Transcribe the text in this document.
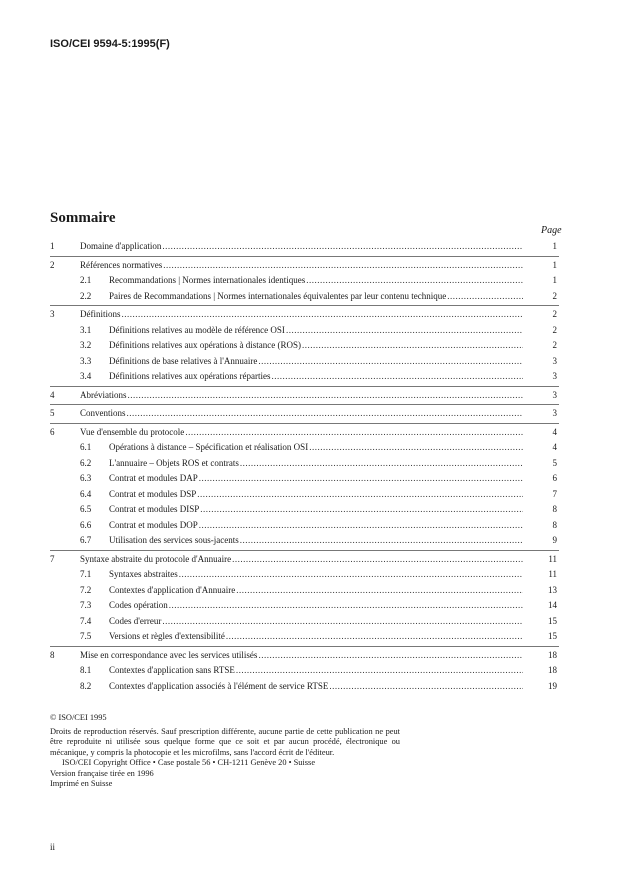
ISO/CEI 9594-5:1995(F)
Sommaire
Page
1	Domaine d'application .....	1
2	Références normatives .....	1
2.1 Recommandations | Normes internationales identiques .....	1
2.2 Paires de Recommandations | Normes internationales équivalentes par leur contenu technique .....	2
3	Définitions .....	2
3.1 Définitions relatives au modèle de référence OSI .....	2
3.2 Définitions relatives aux opérations à distance (ROS) .....	2
3.3 Définitions de base relatives à l'Annuaire .....	3
3.4 Définitions relatives aux opérations réparties .....	3
4	Abréviations .....	3
5	Conventions .....	3
6	Vue d'ensemble du protocole .....	4
6.1 Opérations à distance – Spécification et réalisation OSI .....	4
6.2 L'annuaire – Objets ROS et contrats .....	5
6.3 Contrat et modules DAP .....	6
6.4 Contrat et modules DSP .....	7
6.5 Contrat et modules DISP .....	8
6.6 Contrat et modules DOP .....	8
6.7 Utilisation des services sous-jacents .....	9
7	Syntaxe abstraite du protocole d'Annuaire .....	11
7.1 Syntaxes abstraites .....	11
7.2 Contextes d'application d'Annuaire .....	13
7.3 Codes opération .....	14
7.4 Codes d'erreur .....	15
7.5 Versions et règles d'extensibilité .....	15
8	Mise en correspondance avec les services utilisés .....	18
8.1 Contextes d'application sans RTSE .....	18
8.2 Contextes d'application associés à l'élément de service RTSE .....	19
© ISO/CEI 1995
Droits de reproduction réservés. Sauf prescription différente, aucune partie de cette publication ne peut être reproduite ni utilisée sous quelque forme que ce soit et par aucun procédé, électronique ou mécanique, y compris la photocopie et les microfilms, sans l'accord écrit de l'éditeur.
ISO/CEI Copyright Office • Case postale 56 • CH-1211 Genève 20 • Suisse
Version française tirée en 1996
Imprimé en Suisse
ii
